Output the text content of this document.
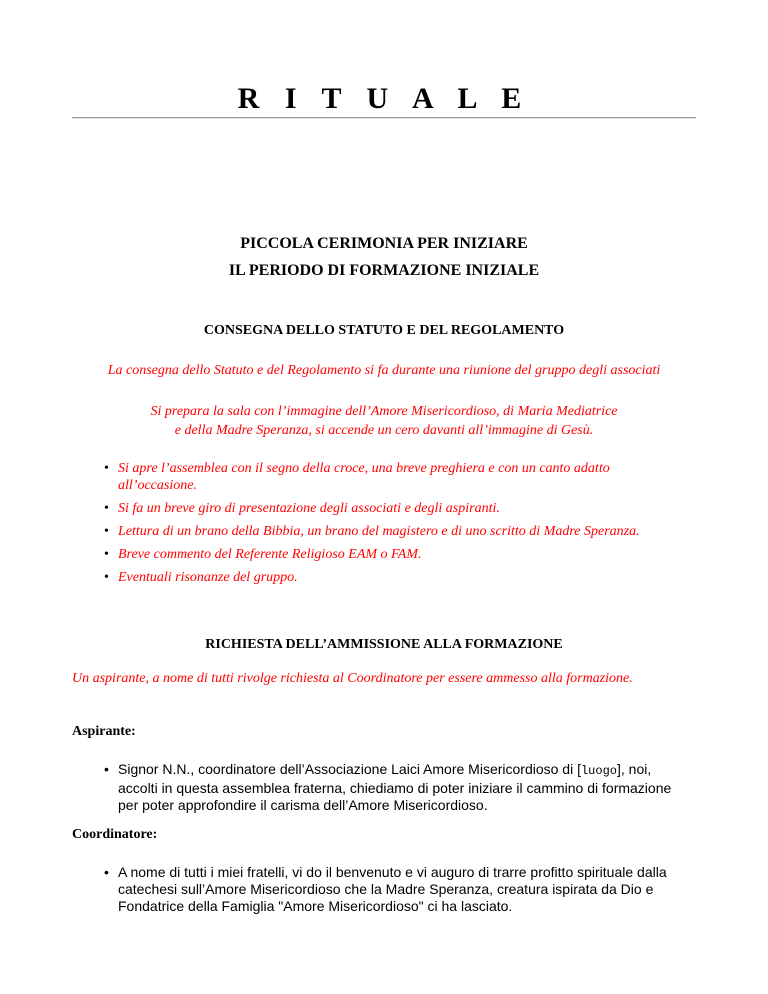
R I T U A L E
PICCOLA CERIMONIA PER INIZIARE
IL PERIODO DI FORMAZIONE INIZIALE
CONSEGNA DELLO STATUTO E DEL REGOLAMENTO
La consegna dello Statuto e del Regolamento si fa durante una riunione del gruppo degli associati
Si prepara la sala con l’immagine dell’Amore Misericordioso, di Maria Mediatrice
e della Madre Speranza, si accende un cero davanti all’immagine di Gesù.
• Si apre l’assemblea con il segno della croce, una breve preghiera e con un canto adatto all’occasione.
• Si fa un breve giro di presentazione degli associati e degli aspiranti.
• Lettura di un brano della Bibbia, un brano del magistero e di uno scritto di Madre Speranza.
• Breve commento del Referente Religioso EAM o FAM.
• Eventuali risonanze del gruppo.
RICHIESTA DELL’AMMISSIONE ALLA FORMAZIONE
Un aspirante, a nome di tutti rivolge richiesta al Coordinatore per essere ammesso alla formazione.
Aspirante:
• Signor N.N., coordinatore dell’Associazione Laici Amore Misericordioso di [luogo], noi, accolti in questa assemblea fraterna, chiediamo di poter iniziare il cammino di formazione per poter approfondire il carisma dell’Amore Misericordioso.
Coordinatore:
• A nome di tutti i miei fratelli, vi do il benvenuto e vi auguro di trarre profitto spirituale dalla catechesi sull’Amore Misericordioso che la Madre Speranza, creatura ispirata da Dio e Fondatrice della Famiglia "Amore Misericordioso" ci ha lasciato.
